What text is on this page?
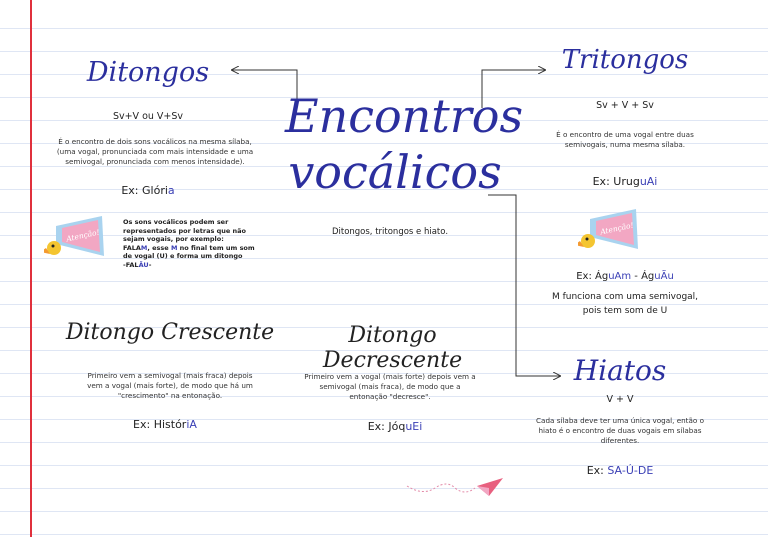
Encontros
vocálicos
Ditongos, tritongos e hiato.
Ditongos
Sv+V ou V+Sv
É o encontro de dois sons vocálicos na mesma sílaba, (uma vogal, pronunciada com mais intensidade e uma semivogal, pronunciada com menos intensidade).
Ex: Glória
Atenção!
Os sons vocálicos podem ser
representados por letras que não
sejam vogais, por exemplo:
FALAM, esse M no final tem um som
de vogal (U) e forma um ditongo
-FALÃU-
Tritongos
Sv + V + Sv
É o encontro de uma vogal entre duas semivogais, numa mesma sílaba.
Ex: UruguAi
Atenção!
Ex: ÁguAm - ÁguÃu
M funciona com uma semivogal,
pois tem som de U
Hiatos
V + V
Cada sílaba deve ter uma única vogal, então o hiato é o encontro de duas vogais em sílabas diferentes.
Ex: SA-Ú-DE
Ditongo Crescente
Primeiro vem a semivogal (mais fraca) depois vem a vogal (mais forte), de modo que há um "crescimento" na entonação.
Ex: HistóriA
Ditongo Decrescente
Primeiro vem a vogal (mais forte) depois vem a semivogal (mais fraca), de modo que a entonação "decresce".
Ex: JóquEi
